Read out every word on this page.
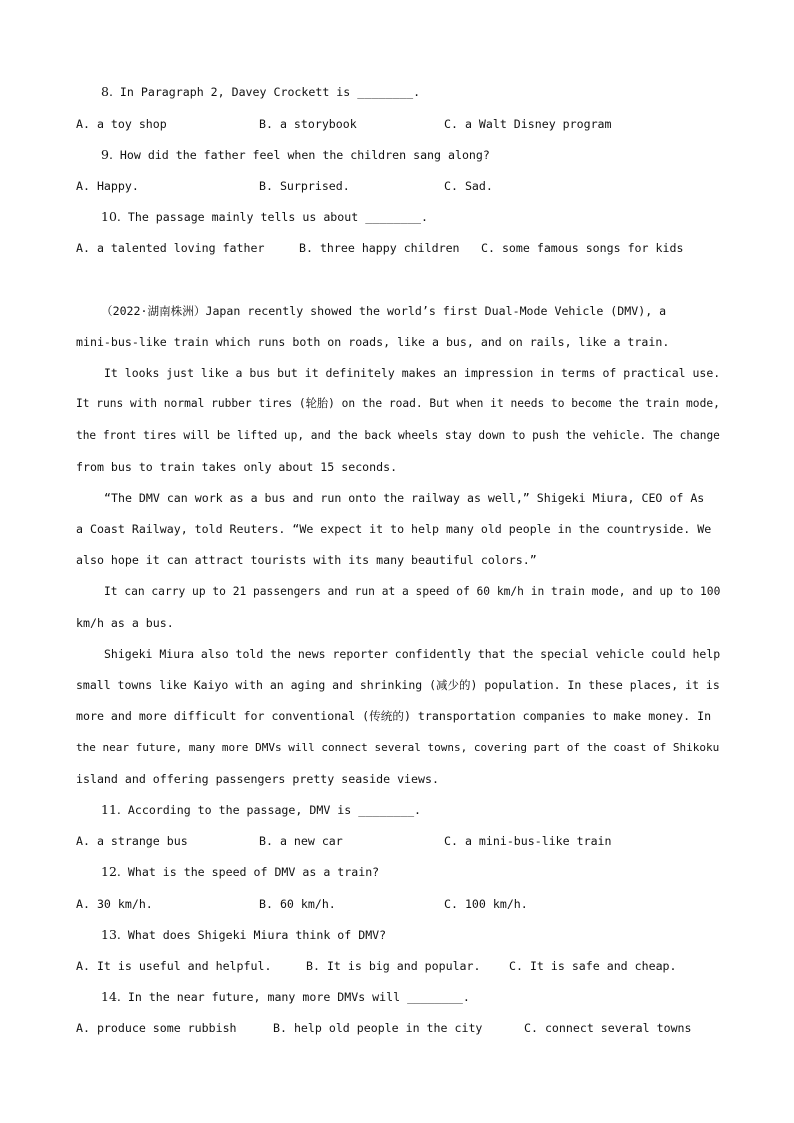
8. In Paragraph 2, Davey Crockett is ________.
A. a toy shop	B. a storybook	C. a Walt Disney program
9. How did the father feel when the children sang along?
A. Happy.	B. Surprised.	C. Sad.
10. The passage mainly tells us about ________.
A. a talented loving father	B. three happy children C. some famous songs for kids
（2022·湖南株洲）Japan recently showed the world’s first Dual-Mode Vehicle (DMV), a
mini-bus-like train which runs both on roads, like a bus, and on rails, like a train.
It looks just like a bus but it definitely makes an impression in terms of practical use.
It runs with normal rubber tires (轮胎) on the road. But when it needs to become the train mode,
the front tires will be lifted up, and the back wheels stay down to push the vehicle. The change
from bus to train takes only about 15 seconds.
“The DMV can work as a bus and run onto the railway as well,” Shigeki Miura, CEO of As
a Coast Railway, told Reuters. “We expect it to help many old people in the countryside. We
also hope it can attract tourists with its many beautiful colors.”
It can carry up to 21 passengers and run at a speed of 60 km/h in train mode, and up to 100
km/h as a bus.
Shigeki Miura also told the news reporter confidently that the special vehicle could help
small towns like Kaiyo with an aging and shrinking (减少的) population. In these places, it is
more and more difficult for conventional (传统的) transportation companies to make money. In
the near future, many more DMVs will connect several towns, covering part of the coast of Shikoku
island and offering passengers pretty seaside views.
11. According to the passage, DMV is ________.
A. a strange bus	B. a new car	C. a mini-bus-like train
12. What is the speed of DMV as a train?
A. 30 km/h.	B. 60 km/h.	C. 100 km/h.
13. What does Shigeki Miura think of DMV?
A. It is useful and helpful.	B. It is big and popular. C. It is safe and cheap.
14. In the near future, many more DMVs will ________.
A. produce some rubbish	B. help old people in the city	C. connect several towns
